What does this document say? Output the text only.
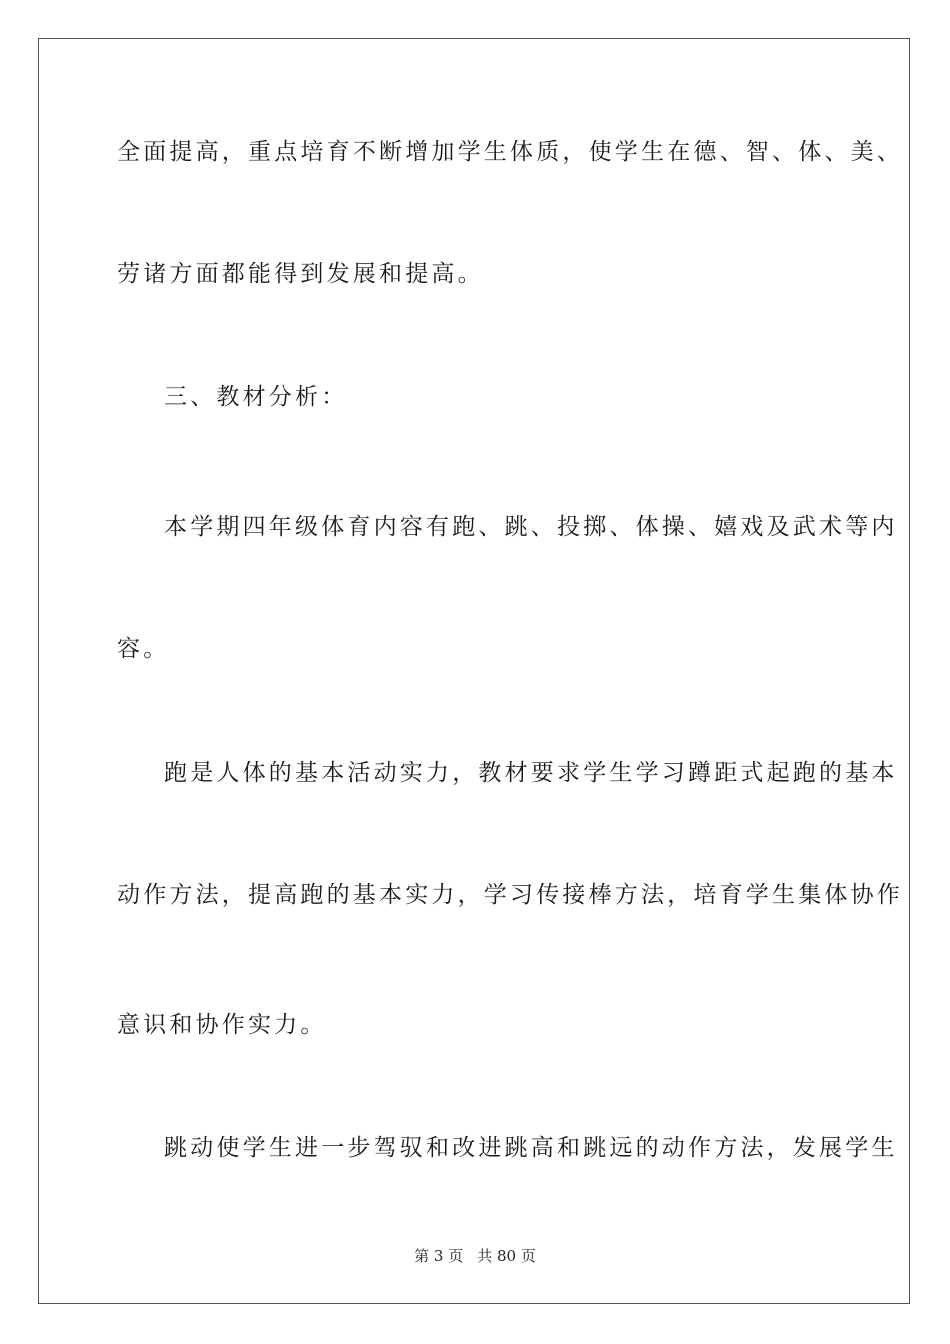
全面提高，重点培育不断增加学生体质，使学生在德、智、体、美、
劳诸方面都能得到发展和提高。
三、教材分析：
本学期四年级体育内容有跑、跳、投掷、体操、嬉戏及武术等内
容。
跑是人体的基本活动实力，教材要求学生学习蹲距式起跑的基本
动作方法，提高跑的基本实力，学习传接棒方法，培育学生集体协作
意识和协作实力。
跳动使学生进一步驾驭和改进跳高和跳远的动作方法，发展学生
第 3 页 共 80 页
